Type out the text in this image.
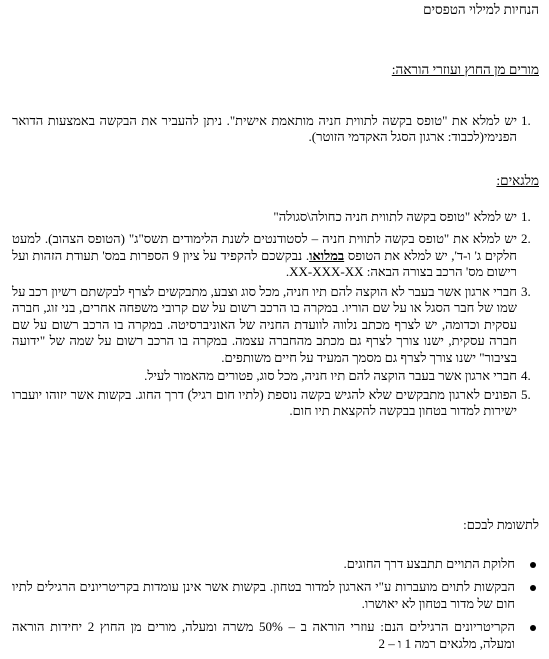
הנחיות למילוי הטפסים
מורים מן החוץ ועוזרי הוראה:
1.
יש למלא את "טופס בקשה לתווית חניה מותאמת אישית". ניתן להעביר את הבקשה באמצעות הדואר הפנימי(לכבוד: ארגון הסגל האקדמי הזוטר).
מלגאים:
1.
יש למלא "טופס בקשה לתווית חניה כחולה\סגולה"
2.
יש למלא את "טופס בקשה לתווית חניה – לסטודנטים לשנת הלימודים תשס"ג" (הטופס הצהוב). למעט חלקים ג' ו-ד', יש למלא את הטופס במלואו. נבקשכם להקפיד על ציון 9 הספרות במס' תעודת הזהות ועל רישום מס' הרכב בצורה הבאה: XX-XXX-XX.
3.
חברי ארגון אשר בעבר לא הוקצה להם תיו חניה, מכל סוג וצבע, מתבקשים לצרף לבקשתם רשיון רכב על שמו של חבר הסגל או על שם הוריו. במקרה בו הרכב רשום על שם קרובי משפחה אחרים, בני זוג, חברה עסקית וכדומה, יש לצרף מכתב נלווה לוועדת החניה של האוניברסיטה. במקרה בו הרכב רשום על שם חברה עסקית, ישנו צורך לצרף גם מכתב מהחברה עצמה. במקרה בו הרכב רשום על שמה של "ידועה בציבור" ישנו צורך לצרף גם מסמך המעיד על חיים משותפים.
4.
חברי ארגון אשר בעבר הוקצה להם תיו חניה, מכל סוג, פטורים מהאמור לעיל.
5.
הפונים לארגון מתבקשים שלא להגיש בקשה נוספת (לתיו חום רגיל) דרך החוג. בקשות אשר יזוהו יועברו ישירות למדור בטחון בבקשה להקצאת תיו חום.
לתשומת לבכם:
חלוקת התויים תתבצע דרך החוגים.
הבקשות לתוים מועברות ע"י הארגון למדור בטחון. בקשות אשר אינן עומדות בקריטריונים הרגילים לתיו חום של מדור בטחון לא יאושרו.
הקריטריונים הרגילים הנם: עוזרי הוראה ב – 50% משרה ומעלה, מורים מן החוץ 2 יחידות הוראה ומעלה, מלגאים רמה 1 ו – 2
